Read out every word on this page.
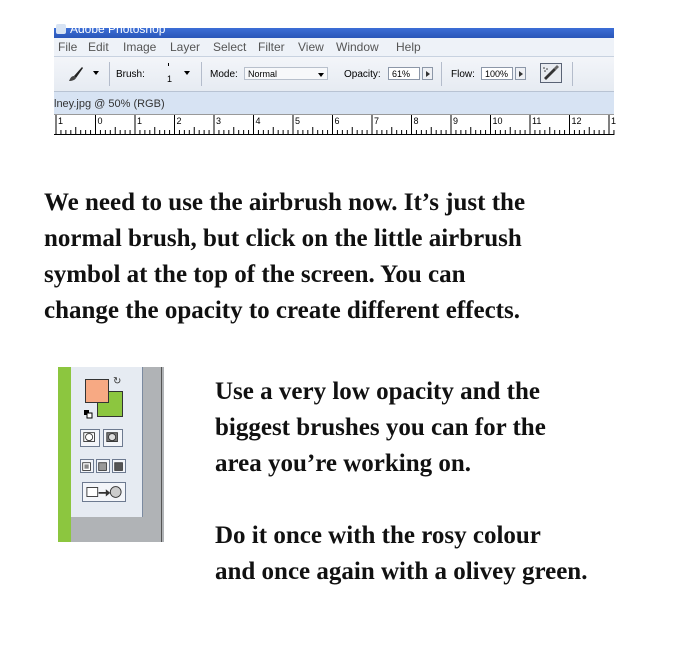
Adobe Photoshop
File Edit Image Layer Select Filter View Window Help
Brush: 1	Mode:	Normal	Opacity:	61%	Flow:	100%
lney.jpg @ 50% (RGB)
1	0	1	2	3	4	5	6	7	8	9	10	11	12	1
We need to use the airbrush now. It’s just the
normal brush, but click on the little airbrush
symbol at the top of the screen. You can
change the opacity to create different effects.
↻	Use a very low opacity and the
biggest brushes you can for the
area you’re working on.
Do it once with the rosy colour
and once again with a olivey green.
